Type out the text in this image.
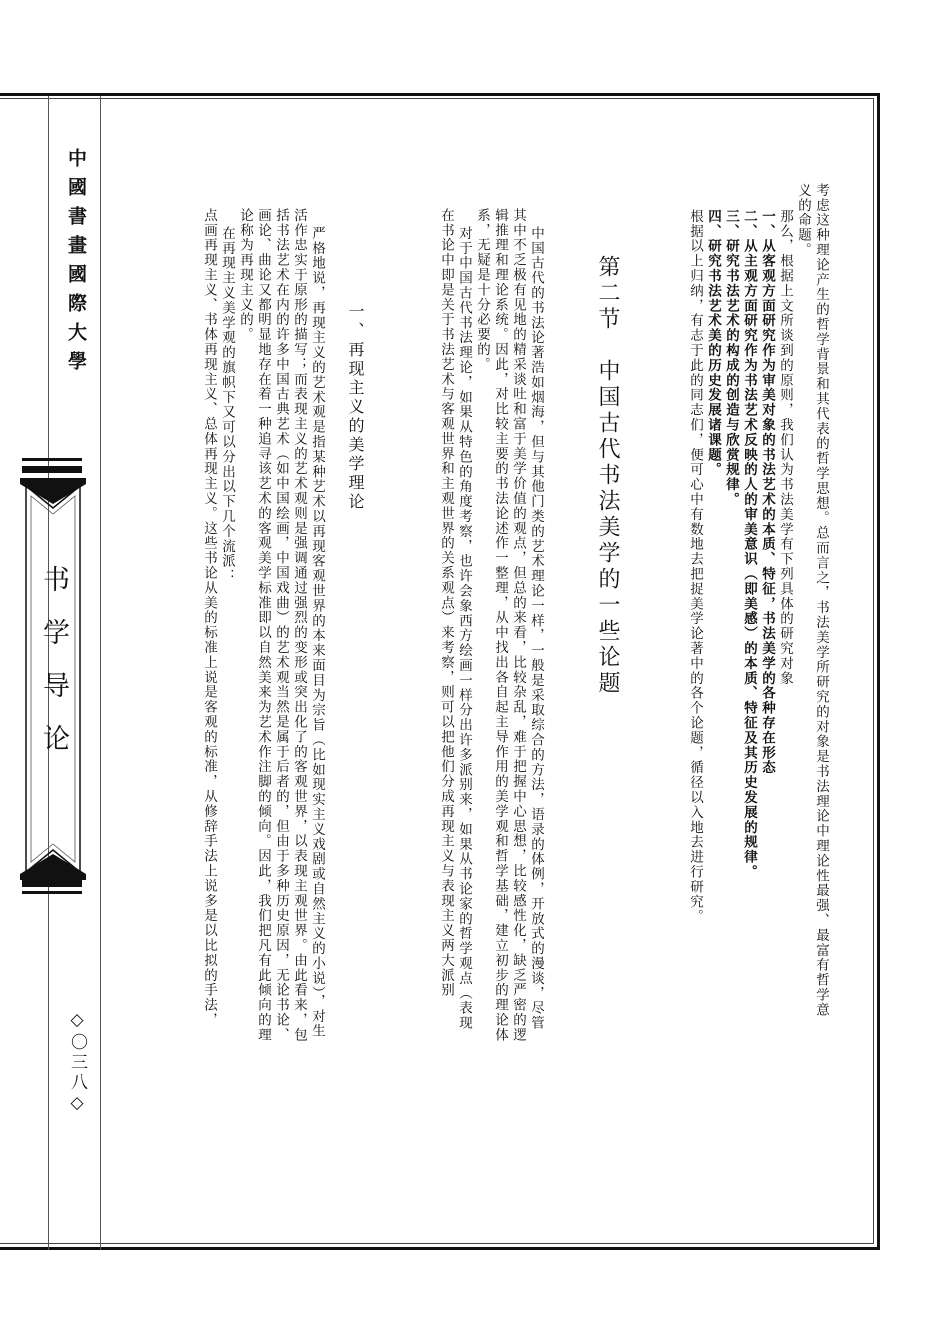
中國書畫國際大學
书学导论
◇〇三八◇
考虑这种理论产生的哲学背景和其代表的哲学思想。总而言之，书法美学所研究的对象是书法理论中理论性最强、最富有哲学意
义的命题。
那么，根据上文所谈到的原则，我们认为书法美学有下列具体的研究对象
一、从客观方面研究作为审美对象的书法艺术的本质、特征，书法美学的各种存在形态
二、从主观方面研究作为书法艺术反映的人的审美意识（即美感）的本质、特征及其历史发展的规律。
三、研究书法艺术的构成的创造与欣赏规律。
四、研究书法艺术美的历史发展诸课题。
根据以上归纳，有志于此的同志们，便可心中有数地去把捉美学论著中的各个论题，循径以入地去进行研究。
第二节　中国古代书法美学的一些论题
中国古代的书法论著浩如烟海，但与其他门类的艺术理论一样，一般是采取综合的方法，语录的体例，开放式的漫谈，尽管
其中不乏极有见地的精采谈吐和富于美学价值的观点，但总的来看，比较杂乱，难于把握中心思想，比较感性化，缺乏严密的逻
辑推理和理论系统。因此，对比较主要的书法论述作一整理，从中找出各自起主导作用的美学观和哲学基础，建立初步的理论体
系，无疑是十分必要的。
对于中国古代书法理论，如果从特色的角度考察，也许会象西方绘画一样分出许多派别来，如果从书论家的哲学观点（表现
在书论中即是关于书法艺术与客观世界和主观世界的关系观点）来考察，则可以把他们分成再现主义与表现主义两大派别
一、再现主义的美学理论
严格地说，再现主义的艺术观是指某种艺术以再现客观世界的本来面目为宗旨（比如现实主义戏剧或自然主义的小说），对生
活作忠实于原形的描写；而表现主义的艺术观则是强调通过强烈的变形或突出化了的客观世界，以表现主观世界。由此看来，包
括书法艺术在内的许多中国古典艺术（如中国绘画，中国戏曲）的艺术观当然是属于后者的，但由于多种历史原因，无论书论、
画论、曲论又都明显地存在着一种追寻该艺术的客观美学标准即以自然美来为艺术作注脚的倾向。因此，我们把凡有此倾向的理
论称为再现主义的。
在再现主义美学观的旗帜下又可以分出以下几个流派：
点画再现主义、书体再现主义、总体再现主义。这些书论从美的标准上说是客观的标准，从修辞手法上说多是以比拟的手法，
